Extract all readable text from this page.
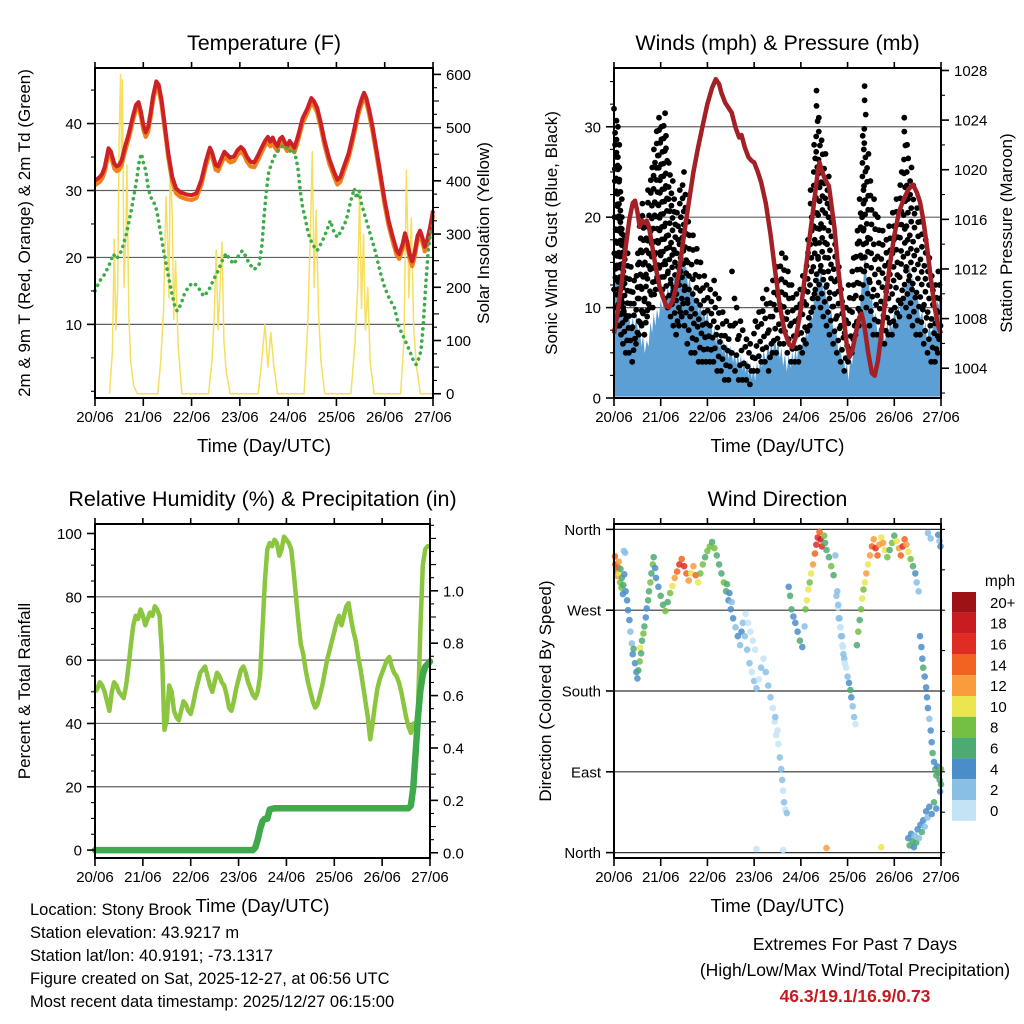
20/06 21/06 22/06 23/06 24/06 25/06 26/06 27/06
10
20
30
40
2m & 9m T (Red, Orange) & 2m Td (Green)	0
100
200
300
400
500
600
Solar Insolation (Yellow)
Temperature (F)
Time (Day/UTC)
20/06 21/06 22/06 23/06 24/06 25/06 26/06 27/06
0
10
20
30
Sonic Wind & Gust (Blue, Black)
1004
1008
1012
1016
1020
1024
1028
Station Pressure (Maroon)
Winds (mph) & Pressure (mb)
Time (Day/UTC)
20/06 21/06 22/06 23/06 24/06 25/06 26/06 27/06
0
20
40
60
80
100
Percent & Total Rainfall
0.0
0.2
0.4
0.6
0.8
1.0
Relative Humidity (%) & Precipitation (in)
Time (Day/UTC)
20/06 21/06 22/06 23/06 24/06 25/06 26/06 27/06
North
West
South
East
North
Direction (Colored By Speed)
Wind Direction
Time (Day/UTC)
mph
20+
18
16
14
12
10
8
6
4
2
0
Location: Stony Brook
Station elevation: 43.9217 m
Station lat/lon: 40.9191; -73.1317
Figure created on Sat, 2025-12-27, at 06:56 UTC
Most recent data timestamp: 2025/12/27 06:15:00
Extremes For Past 7 Days
(High/Low/Max Wind/Total Precipitation)
46.3/19.1/16.9/0.73
